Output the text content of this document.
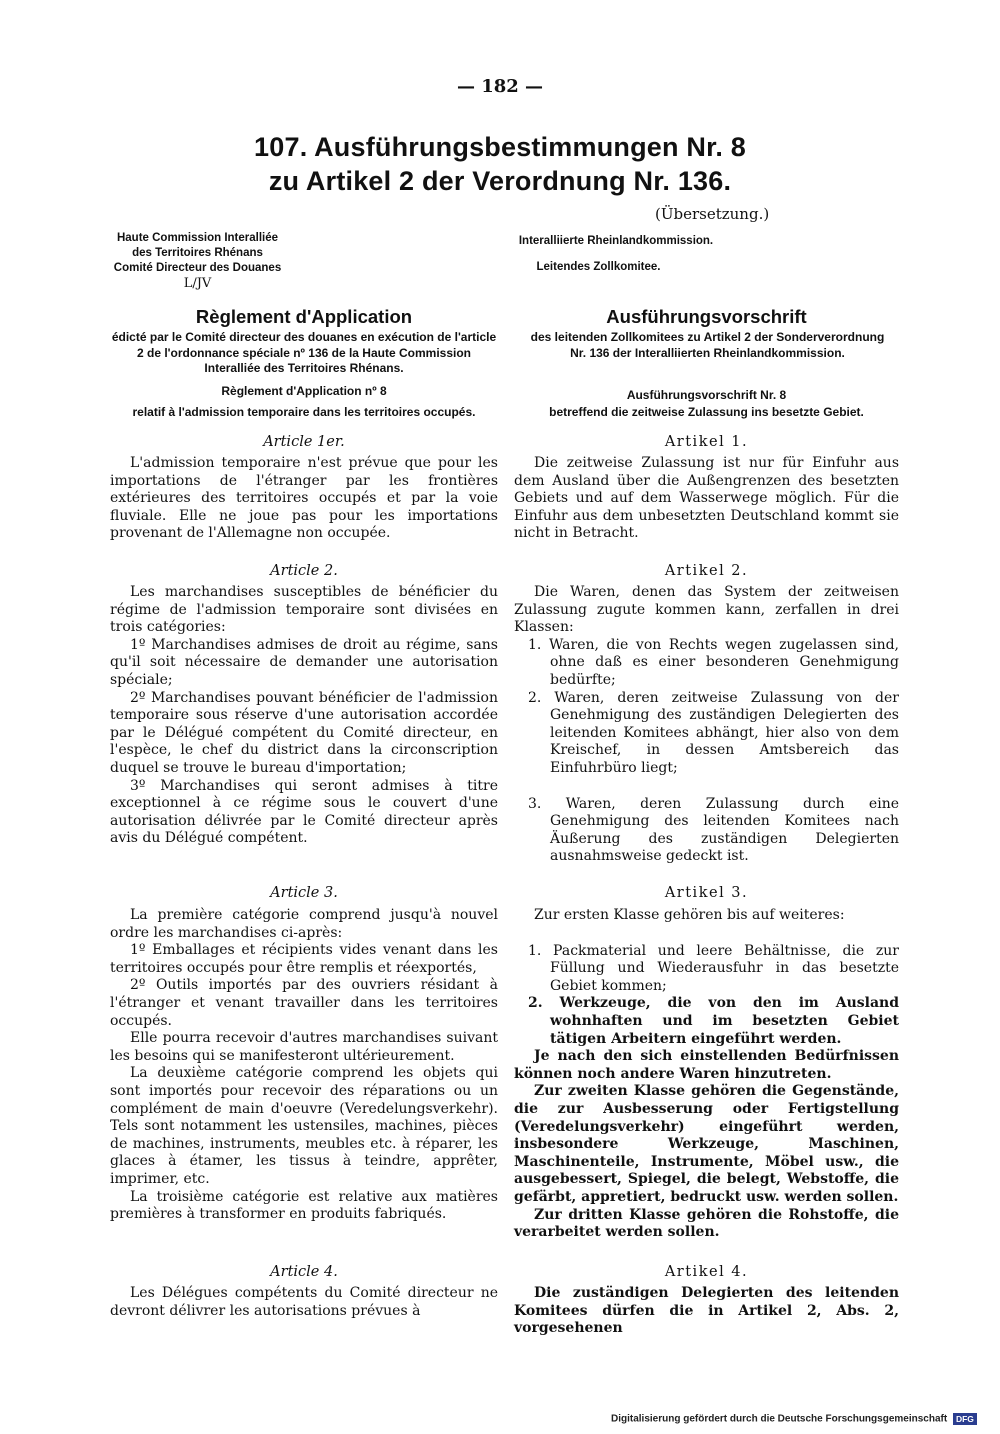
— 182 —
107. Ausführungsbestimmungen Nr. 8
zu Artikel 2 der Verordnung Nr. 136.
(Übersetzung.)
Haute Commission Interalliée
des Territoires Rhénans
Comité Directeur des Douanes
L/JV
Interalliierte Rheinlandkommission.
Leitendes Zollkomitee.
Règlement d'Application
édicté par le Comité directeur des douanes en exécution de l'article 2 de l'ordonnance spéciale nº 136 de la Haute Commission Interalliée des Territoires Rhénans.
Règlement d'Application nº 8
relatif à l'admission temporaire dans les territoires occupés.
Article 1er.

L'admission temporaire n'est prévue que pour les importations de l'étranger par les frontières extérieures des territoires occupés et par la voie fluviale. Elle ne joue pas pour les importations provenant de l'Allemagne non occupée.

Article 2.

Les marchandises susceptibles de bénéficier du régime de l'admission temporaire sont divisées en trois catégories:

1º Marchandises admises de droit au régime, sans qu'il soit nécessaire de demander une autorisation spéciale;

2º Marchandises pouvant bénéficier de l'admission temporaire sous réserve d'une autorisation accordée par le Délégué compétent du Comité directeur, en l'espèce, le chef du district dans la circonscription duquel se trouve le bureau d'importation;

3º Marchandises qui seront admises à titre exceptionnel à ce régime sous le couvert d'une autorisation délivrée par le Comité directeur après avis du Délégué compétent.

Article 3.

La première catégorie comprend jusqu'à nouvel ordre les marchandises ci-après:

1º Emballages et récipients vides venant dans les territoires occupés pour être remplis et réexportés,

2º Outils importés par des ouvriers résidant à l'étranger et venant travailler dans les territoires occupés.

Elle pourra recevoir d'autres marchandises suivant les besoins qui se manifesteront ultérieurement.

La deuxième catégorie comprend les objets qui sont importés pour recevoir des réparations ou un complément de main d'oeuvre (Veredelungsverkehr). Tels sont notamment les ustensiles, machines, pièces de machines, instruments, meubles etc. à réparer, les glaces à étamer, les tissus à teindre, apprêter, imprimer, etc.

La troisième catégorie est relative aux matières premières à transformer en produits fabriqués.

Article 4.

Les Délégues compétents du Comité directeur ne devront délivrer les autorisations prévues à

Ausführungsvorschrift
des leitenden Zollkomitees zu Artikel 2 der Sonderverordnung Nr. 136 der Interalliierten Rheinlandkommission.
Ausführungsvorschrift Nr. 8
betreffend die zeitweise Zulassung ins besetzte Gebiet.
Artikel 1.

Die zeitweise Zulassung ist nur für Einfuhr aus dem Ausland über die Außengrenzen des besetzten Gebiets und auf dem Wasserwege möglich. Für die Einfuhr aus dem unbesetzten Deutschland kommt sie nicht in Betracht.

Artikel 2.

Die Waren, denen das System der zeitweisen Zulassung zugute kommen kann, zerfallen in drei Klassen:

1. Waren, die von Rechts wegen zugelassen sind, ohne daß es einer besonderen Genehmigung bedürfte;

2. Waren, deren zeitweise Zulassung von der Genehmigung des zuständigen Delegierten des leitenden Komitees abhängt, hier also von dem Kreischef, in dessen Amtsbereich das Einfuhrbüro liegt;

3. Waren, deren Zulassung durch eine Genehmigung des leitenden Komitees nach Äußerung des zuständigen Delegierten ausnahmsweise gedeckt ist.

Artikel 3.

Zur ersten Klasse gehören bis auf weiteres:

1. Packmaterial und leere Behältnisse, die zur Füllung und Wiederausfuhr in das besetzte Gebiet kommen;

2. Werkzeuge, die von den im Ausland wohnhaften und im besetzten Gebiet tätigen Arbeitern eingeführt werden.

Je nach den sich einstellenden Bedürfnissen können noch andere Waren hinzutreten.

Zur zweiten Klasse gehören die Gegenstände, die zur Ausbesserung oder Fertigstellung (Veredelungsverkehr) eingeführt werden, insbesondere Werkzeuge, Maschinen, Maschinenteile, Instrumente, Möbel usw., die ausgebessert, Spiegel, die belegt, Webstoffe, die gefärbt, appretiert, bedruckt usw. werden sollen.

Zur dritten Klasse gehören die Rohstoffe, die verarbeitet werden sollen.

Artikel 4.

Die zuständigen Delegierten des leitenden Komitees dürfen die in Artikel 2, Abs. 2, vorgesehenen

Digitalisierung gefördert durch die Deutsche Forschungsgemeinschaft DFG
